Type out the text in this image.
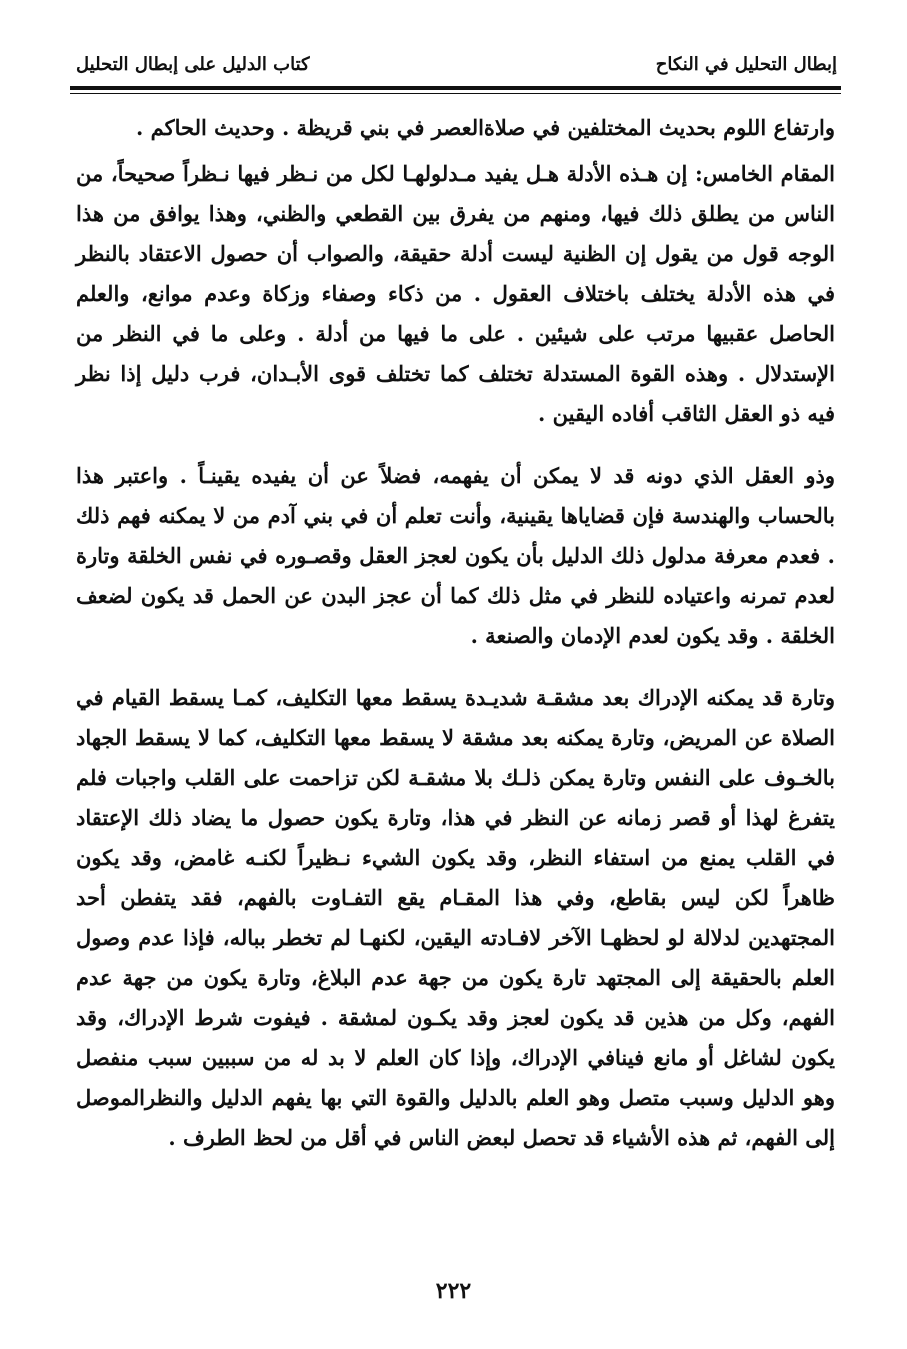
إبطال التحليل في النكاح
كتاب الدليل على إبطال التحليل

وارتفاع اللوم بحديث المختلفين في صلاةالعصر في بني قريظة . وحديث الحاكم .

المقام الخامس: إن هـذه الأدلة هـل يفيد مـدلولهـا لكل من نـظر فيها نـظراً صحيحاً، من الناس من يطلق ذلك فيها، ومنهم من يفرق بين القطعي والظني، وهذا يوافق من هذا الوجه قول من يقول إن الظنية ليست أدلة حقيقة، والصواب أن حصول الاعتقاد بالنظر في هذه الأدلة يختلف باختلاف العقول . من ذكاء وصفاء وزكاة وعدم موانع، والعلم الحاصل عقبيها مرتب على شيئين . على ما فيها من أدلة . وعلى ما في النظر من الإستدلال . وهذه القوة المستدلة تختلف كما تختلف قوى الأبـدان، فرب دليل إذا نظر فيه ذو العقل الثاقب أفاده اليقين .

وذو العقل الذي دونه قد لا يمكن أن يفهمه، فضلاً عن أن يفيده يقينـاً . واعتبر هذا بالحساب والهندسة فإن قضاياها يقينية، وأنت تعلم أن في بني آدم من لا يمكنه فهم ذلك . فعدم معرفة مدلول ذلك الدليل بأن يكون لعجز العقل وقصـوره في نفس الخلقة وتارة لعدم تمرنه واعتياده للنظر في مثل ذلك كما أن عجز البدن عن الحمل قد يكون لضعف الخلقة . وقد يكون لعدم الإدمان والصنعة .

وتارة قد يمكنه الإدراك بعد مشقـة شديـدة يسقط معها التكليف، كمـا يسقط القيام في الصلاة عن المريض، وتارة يمكنه بعد مشقة لا يسقط معها التكليف، كما لا يسقط الجهاد بالخـوف على النفس وتارة يمكن ذلـك بلا مشقـة لكن تزاحمت على القلب واجبات فلم يتفرغ لهذا أو قصر زمانه عن النظر في هذا، وتارة يكون حصول ما يضاد ذلك الإعتقاد في القلب يمنع من استفاء النظر، وقد يكون الشيء نـظيراً لكنـه غامض، وقد يكون ظاهراً لكن ليس بقاطع، وفي هذا المقـام يقع التفـاوت بالفهم، فقد يتفطن أحد المجتهدين لدلالة لو لحظهـا الآخر لافـادته اليقين، لكنهـا لم تخطر بباله، فإذا عدم وصول العلم بالحقيقة إلى المجتهد تارة يكون من جهة عدم البلاغ، وتارة يكون من جهة عدم الفهم، وكل من هذين قد يكون لعجز وقد يكـون لمشقة . فيفوت شرط الإدراك، وقد يكون لشاغل أو مانع فينافي الإدراك، وإذا كان العلم لا بد له من سببين سبب منفصل وهو الدليل وسبب متصل وهو العلم بالدليل والقوة التي بها يفهم الدليل والنظرالموصل إلى الفهم، ثم هذه الأشياء قد تحصل لبعض الناس في أقل من لحظ الطرف .

٢٢٢
